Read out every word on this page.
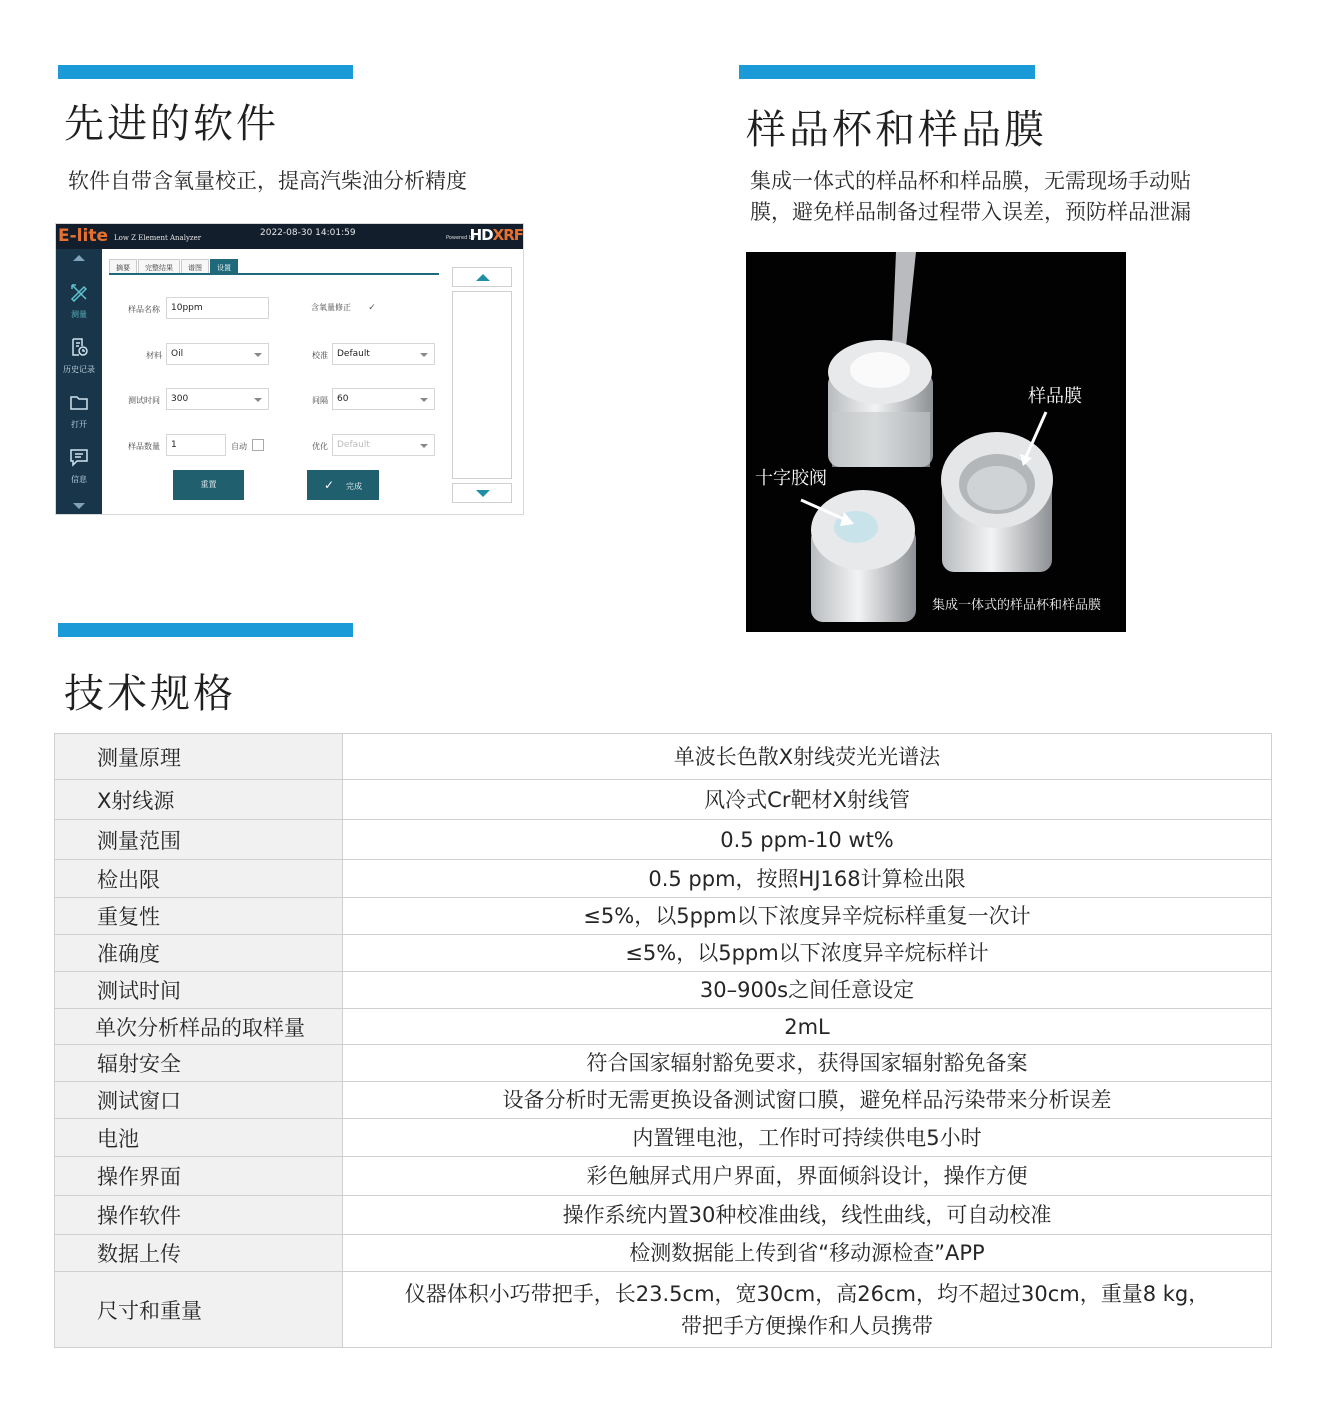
先进的软件
软件自带含氧量校正，提高汽柴油分析精度
E-lite Low Z Element Analyzer	2022-08-30 14:01:59	Powered by
HDXRF
测量
历史记录
打开
信息
摘要	完整结果	谱图	设置
样品名称	10ppm	含氧量修正 ✓
材料	Oil	校准	Default
测试时间	300	间隔	60
样品数量	1	自动	优化	Default
重置	✓ 完成
样品杯和样品膜
集成一体式的样品杯和样品膜，无需现场手动贴
膜，避免样品制备过程带入误差，预防样品泄漏
样品膜
十字胶阀
集成一体式的样品杯和样品膜
技术规格
测量原理	单波长色散X射线荧光光谱法
X射线源	风冷式Cr靶材X射线管
测量范围	0.5 ppm-10 wt%
检出限	0.5 ppm，按照HJ168计算检出限
重复性	≤5%，以5ppm以下浓度异辛烷标样重复一次计
准确度	≤5%，以5ppm以下浓度异辛烷标样计
测试时间	30–900s之间任意设定
单次分析样品的取样量	2mL
辐射安全	符合国家辐射豁免要求，获得国家辐射豁免备案
测试窗口	设备分析时无需更换设备测试窗口膜，避免样品污染带来分析误差
电池	内置锂电池，工作时可持续供电5小时
操作界面	彩色触屏式用户界面，界面倾斜设计，操作方便
操作软件	操作系统内置30种校准曲线，线性曲线，可自动校准
数据上传	检测数据能上传到省“移动源检查”APP
尺寸和重量	仪器体积小巧带把手，长23.5cm，宽30cm，高26cm，均不超过30cm，重量8 kg，
带把手方便操作和人员携带
